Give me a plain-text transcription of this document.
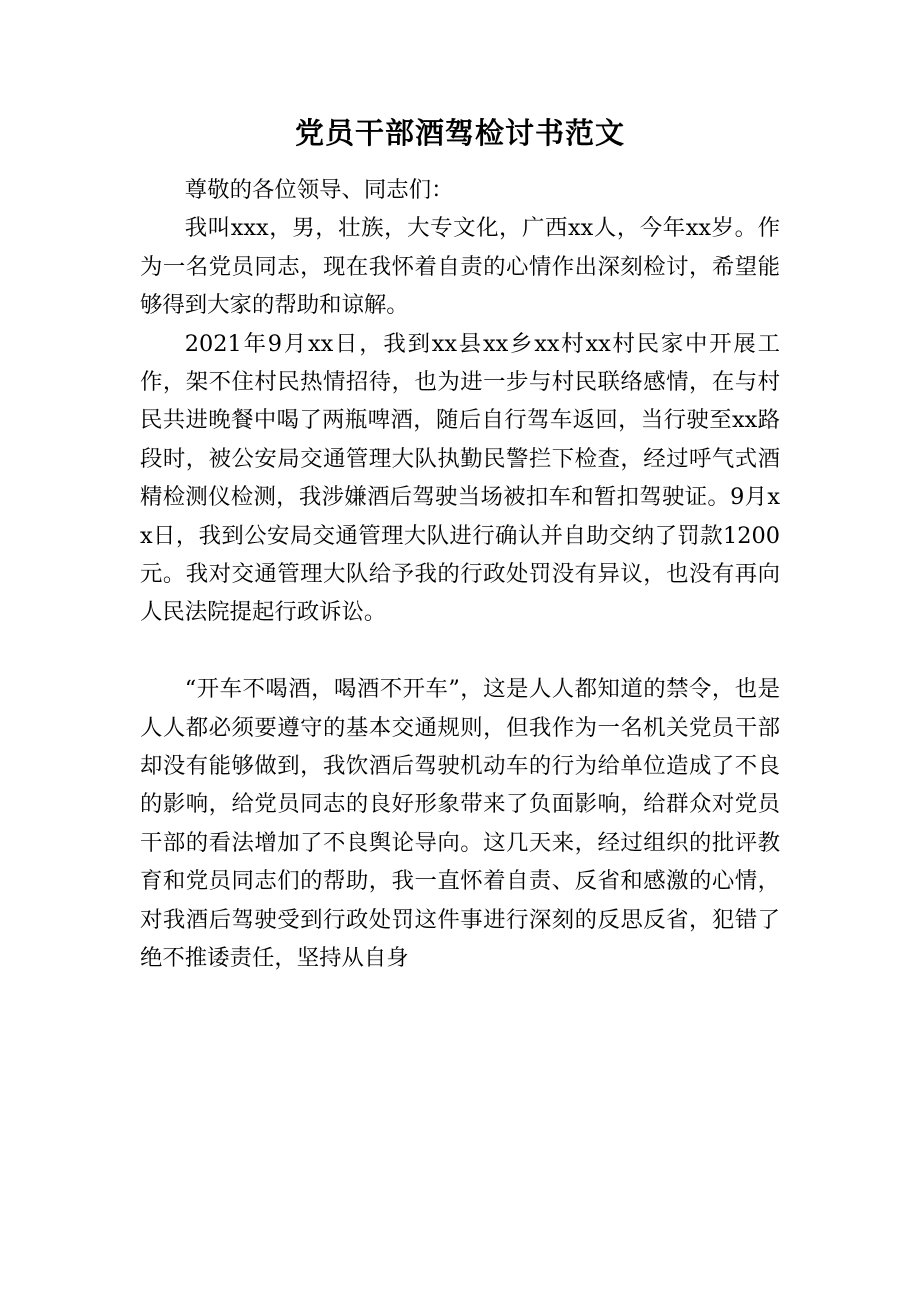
党员干部酒驾检讨书范文

尊敬的各位领导、同志们：

我叫xxx，男，壮族，大专文化，广西xx人，今年xx岁。作为一名党员同志，现在我怀着自责的心情作出深刻检讨，希望能够得到大家的帮助和谅解。

2021年9月xx日，我到xx县xx乡xx村xx村民家中开展工作，架不住村民热情招待，也为进一步与村民联络感情，在与村民共进晚餐中喝了两瓶啤酒，随后自行驾车返回，当行驶至xx路段时，被公安局交通管理大队执勤民警拦下检查，经过呼气式酒精检测仪检测，我涉嫌酒后驾驶当场被扣车和暂扣驾驶证。9月xx日，我到公安局交通管理大队进行确认并自助交纳了罚款1200元。我对交通管理大队给予我的行政处罚没有异议，也没有再向人民法院提起行政诉讼。

“开车不喝酒，喝酒不开车”，这是人人都知道的禁令，也是人人都必须要遵守的基本交通规则，但我作为一名机关党员干部却没有能够做到，我饮酒后驾驶机动车的行为给单位造成了不良的影响，给党员同志的良好形象带来了负面影响，给群众对党员干部的看法增加了不良舆论导向。这几天来，经过组织的批评教育和党员同志们的帮助，我一直怀着自责、反省和感激的心情，对我酒后驾驶受到行政处罚这件事进行深刻的反思反省，犯错了绝不推诿责任，坚持从自身
